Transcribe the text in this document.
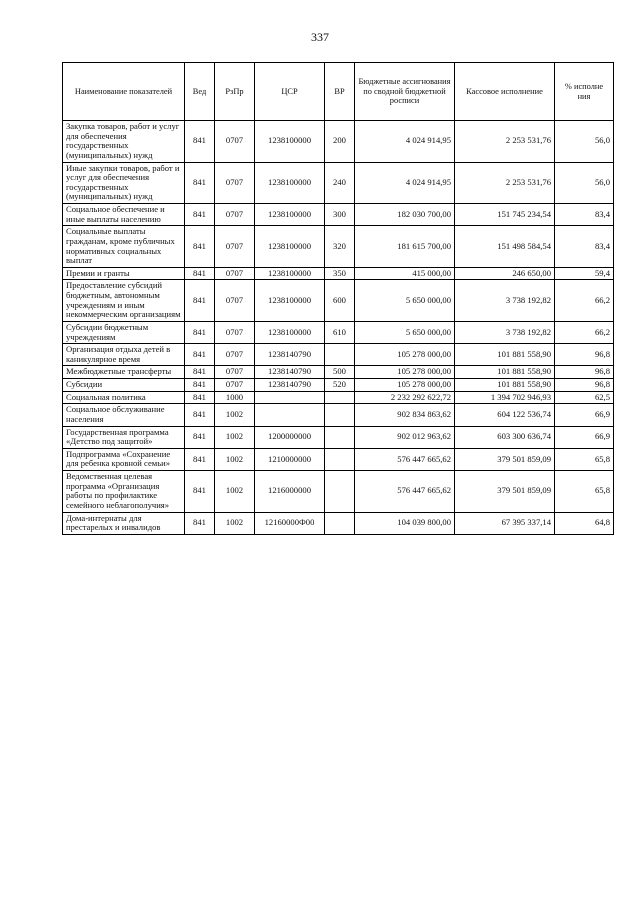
337
Наименование показателей	Вед	РзПр	ЦСР	ВР	Бюджетные ассигнования по сводной бюджетной росписи	Кассовое исполнение	% исполне ния
Закупка товаров, работ и услуг для обеспечения государственных (муниципальных) нужд	841	0707	1238100000	200	4 024 914,95	2 253 531,76	56,0
Иные закупки товаров, работ и услуг для обеспечения государственных (муниципальных) нужд	841	0707	1238100000	240	4 024 914,95	2 253 531,76	56,0
Социальное обеспечение и иные выплаты населению	841	0707	1238100000	300	182 030 700,00	151 745 234,54	83,4
Социальные выплаты гражданам, кроме публичных нормативных социальных выплат	841	0707	1238100000	320	181 615 700,00	151 498 584,54	83,4
Премии и гранты	841	0707	1238100000	350	415 000,00	246 650,00	59,4
Предоставление субсидий бюджетным, автономным учреждениям и иным некоммерческим организациям	841	0707	1238100000	600	5 650 000,00	3 738 192,82	66,2
Субсидии бюджетным учреждениям	841	0707	1238100000	610	5 650 000,00	3 738 192,82	66,2
Организация отдыха детей в каникулярное время	841	0707	1238140790		105 278 000,00	101 881 558,90	96,8
Межбюджетные трансферты	841	0707	1238140790	500	105 278 000,00	101 881 558,90	96,8
Субсидии	841	0707	1238140790	520	105 278 000,00	101 881 558,90	96,8
Социальная политика	841	1000			2 232 292 622,72	1 394 702 946,93	62,5
Социальное обслуживание населения	841	1002			902 834 863,62	604 122 536,74	66,9
Государственная программа «Детство под защитой»	841	1002	1200000000		902 012 963,62	603 300 636,74	66,9
Подпрограмма «Сохранение для ребенка кровной семьи»	841	1002	1210000000		576 447 665,62	379 501 859,09	65,8
Ведомственная целевая программа «Организация работы по профилактике семейного неблагополучия»	841	1002	1216000000		576 447 665,62	379 501 859,09	65,8
Дома-интернаты для престарелых и инвалидов	841	1002	12160000Ф00		104 039 800,00	67 395 337,14	64,8
